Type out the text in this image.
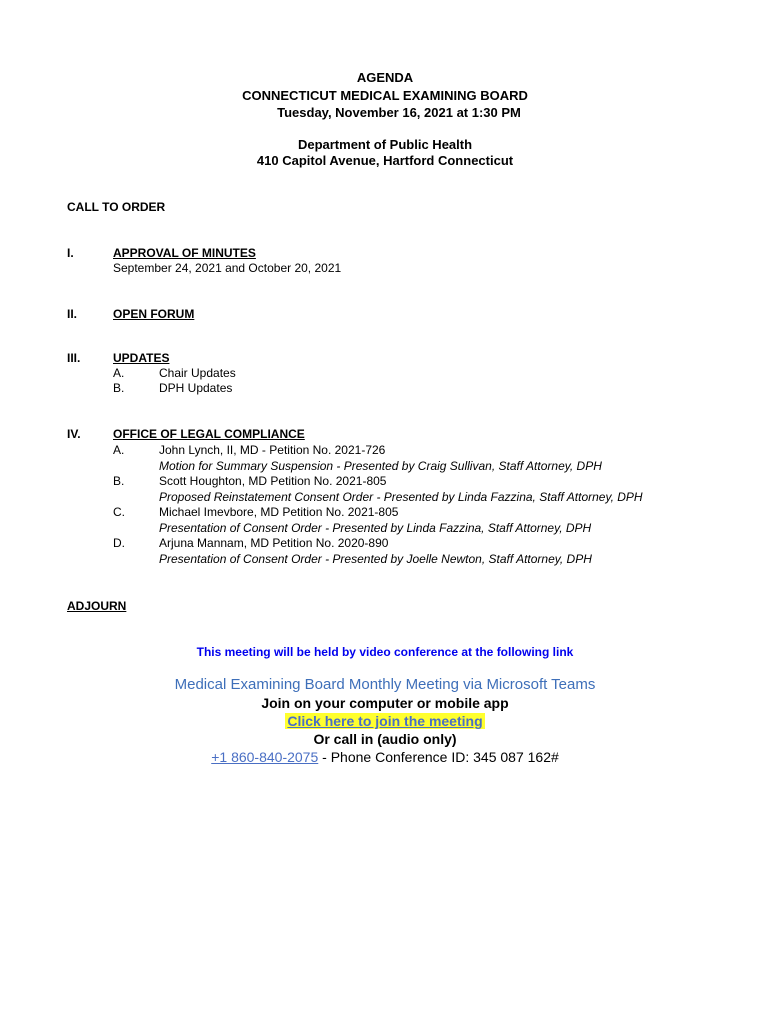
AGENDA
CONNECTICUT MEDICAL EXAMINING BOARD
Tuesday, November 16, 2021 at 1:30 PM
Department of Public Health
410 Capitol Avenue, Hartford Connecticut
CALL TO ORDER
I.	APPROVAL OF MINUTES
September 24, 2021 and October 20, 2021
II.	OPEN FORUM
III.	UPDATES
A.	Chair Updates
B.	DPH Updates
IV.	OFFICE OF LEGAL COMPLIANCE
A.	John Lynch, II, MD - Petition No. 2021-726
Motion for Summary Suspension - Presented by Craig Sullivan, Staff Attorney, DPH
B.	Scott Houghton, MD Petition No. 2021-805
Proposed Reinstatement Consent Order - Presented by Linda Fazzina, Staff Attorney, DPH
C.	Michael Imevbore, MD Petition No. 2021-805
Presentation of Consent Order - Presented by Linda Fazzina, Staff Attorney, DPH
D.	Arjuna Mannam, MD Petition No. 2020-890
Presentation of Consent Order - Presented by Joelle Newton, Staff Attorney, DPH
ADJOURN
This meeting will be held by video conference at the following link
Medical Examining Board Monthly Meeting via Microsoft Teams
Join on your computer or mobile app
Click here to join the meeting
Or call in (audio only)
+1 860-840-2075 - Phone Conference ID: 345 087 162#
